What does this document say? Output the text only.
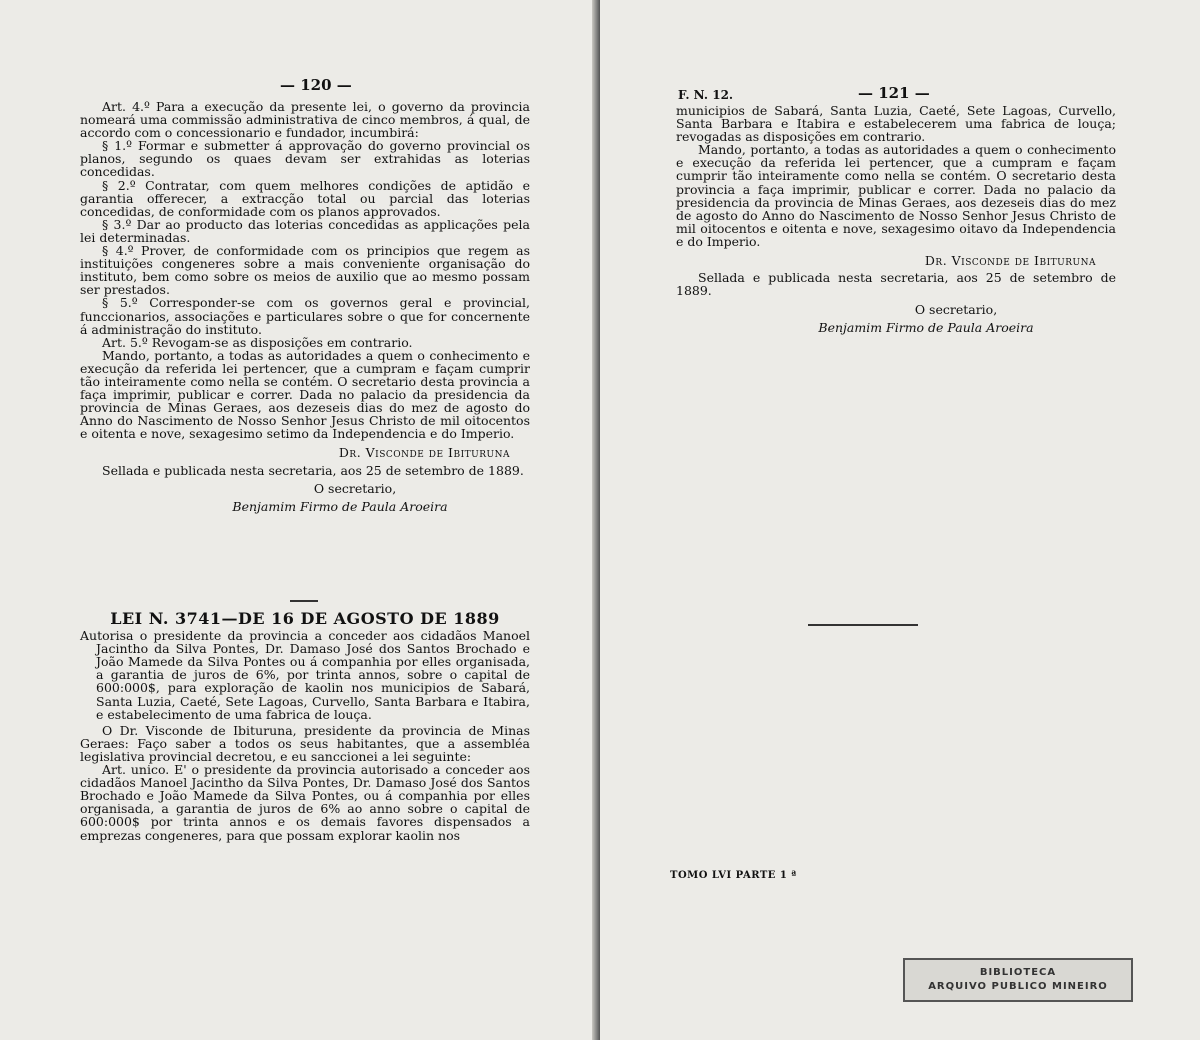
— 120 —

Art. 4.º Para a execução da presente lei, o governo da provincia nomeará uma commissão administrativa de cinco membros, á qual, de accordo com o concessionario e fundador, incumbirá:

§ 1.º Formar e submetter á approvação do governo provincial os planos, segundo os quaes devam ser extrahidas as loterias concedidas.

§ 2.º Contratar, com quem melhores condições de aptidão e garantia offerecer, a extracção total ou parcial das loterias concedidas, de conformidade com os planos approvados.

§ 3.º Dar ao producto das loterias concedidas as applicações pela lei determinadas.

§ 4.º Prover, de conformidade com os principios que regem as instituições congeneres sobre a mais conveniente organisação do instituto, bem como sobre os meios de auxilio que ao mesmo possam ser prestados.

§ 5.º Corresponder-se com os governos geral e provincial, funccionarios, associações e particulares sobre o que for concernente á administração do instituto.

Art. 5.º Revogam-se as disposições em contrario.

Mando, portanto, a todas as autoridades a quem o conhecimento e execução da referida lei pertencer, que a cumpram e façam cumprir tão inteiramente como nella se contém. O secretario desta provincia a faça imprimir, publicar e correr. Dada no palacio da presidencia da provincia de Minas Geraes, aos dezeseis dias do mez de agosto do Anno do Nascimento de Nosso Senhor Jesus Christo de mil oitocentos e oitenta e nove, sexagesimo setimo da Independencia e do Imperio.

Dr. Visconde de Ibituruna

Sellada e publicada nesta secretaria, aos 25 de setembro de 1889.

O secretario,

Benjamim Firmo de Paula Aroeira

LEI N. 3741—DE 16 DE AGOSTO DE 1889

Autorisa o presidente da provincia a conceder aos cidadãos Manoel Jacintho da Silva Pontes, Dr. Damaso José dos Santos Brochado e João Mamede da Silva Pontes ou á companhia por elles organisada, a garantia de juros de 6%, por trinta annos, sobre o capital de 600:000$, para exploração de kaolin nos municipios de Sabará, Santa Luzia, Caeté, Sete Lagoas, Curvello, Santa Barbara e Itabira, e estabelecimento de uma fabrica de louça.

O Dr. Visconde de Ibituruna, presidente da provincia de Minas Geraes: Faço saber a todos os seus habitantes, que a assembléa legislativa provincial decretou, e eu sanccionei a lei seguinte:

Art. unico. E' o presidente da provincia autorisado a conceder aos cidadãos Manoel Jacintho da Silva Pontes, Dr. Damaso José dos Santos Brochado e João Mamede da Silva Pontes, ou á companhia por elles organisada, a garantia de juros de 6% ao anno sobre o capital de 600:000$ por trinta annos e os demais favores dispensados a emprezas congeneres, para que possam explorar kaolin nos

F. N. 12.	— 121 —

municipios de Sabará, Santa Luzia, Caeté, Sete Lagoas, Curvello, Santa Barbara e Itabira e estabelecerem uma fabrica de louça; revogadas as disposições em contrario.

Mando, portanto, a todas as autoridades a quem o conhecimento e execução da referida lei pertencer, que a cumpram e façam cumprir tão inteiramente como nella se contém. O secretario desta provincia a faça imprimir, publicar e correr. Dada no palacio da presidencia da provincia de Minas Geraes, aos dezeseis dias do mez de agosto do Anno do Nascimento de Nosso Senhor Jesus Christo de mil oitocentos e oitenta e nove, sexagesimo oitavo da Independencia e do Imperio.

Dr. Visconde de Ibituruna

Sellada e publicada nesta secretaria, aos 25 de setembro de 1889.

O secretario,

Benjamim Firmo de Paula Aroeira

TOMO LVI PARTE 1 ª
BIBLIOTECA
ARQUIVO PUBLICO MINEIRO
